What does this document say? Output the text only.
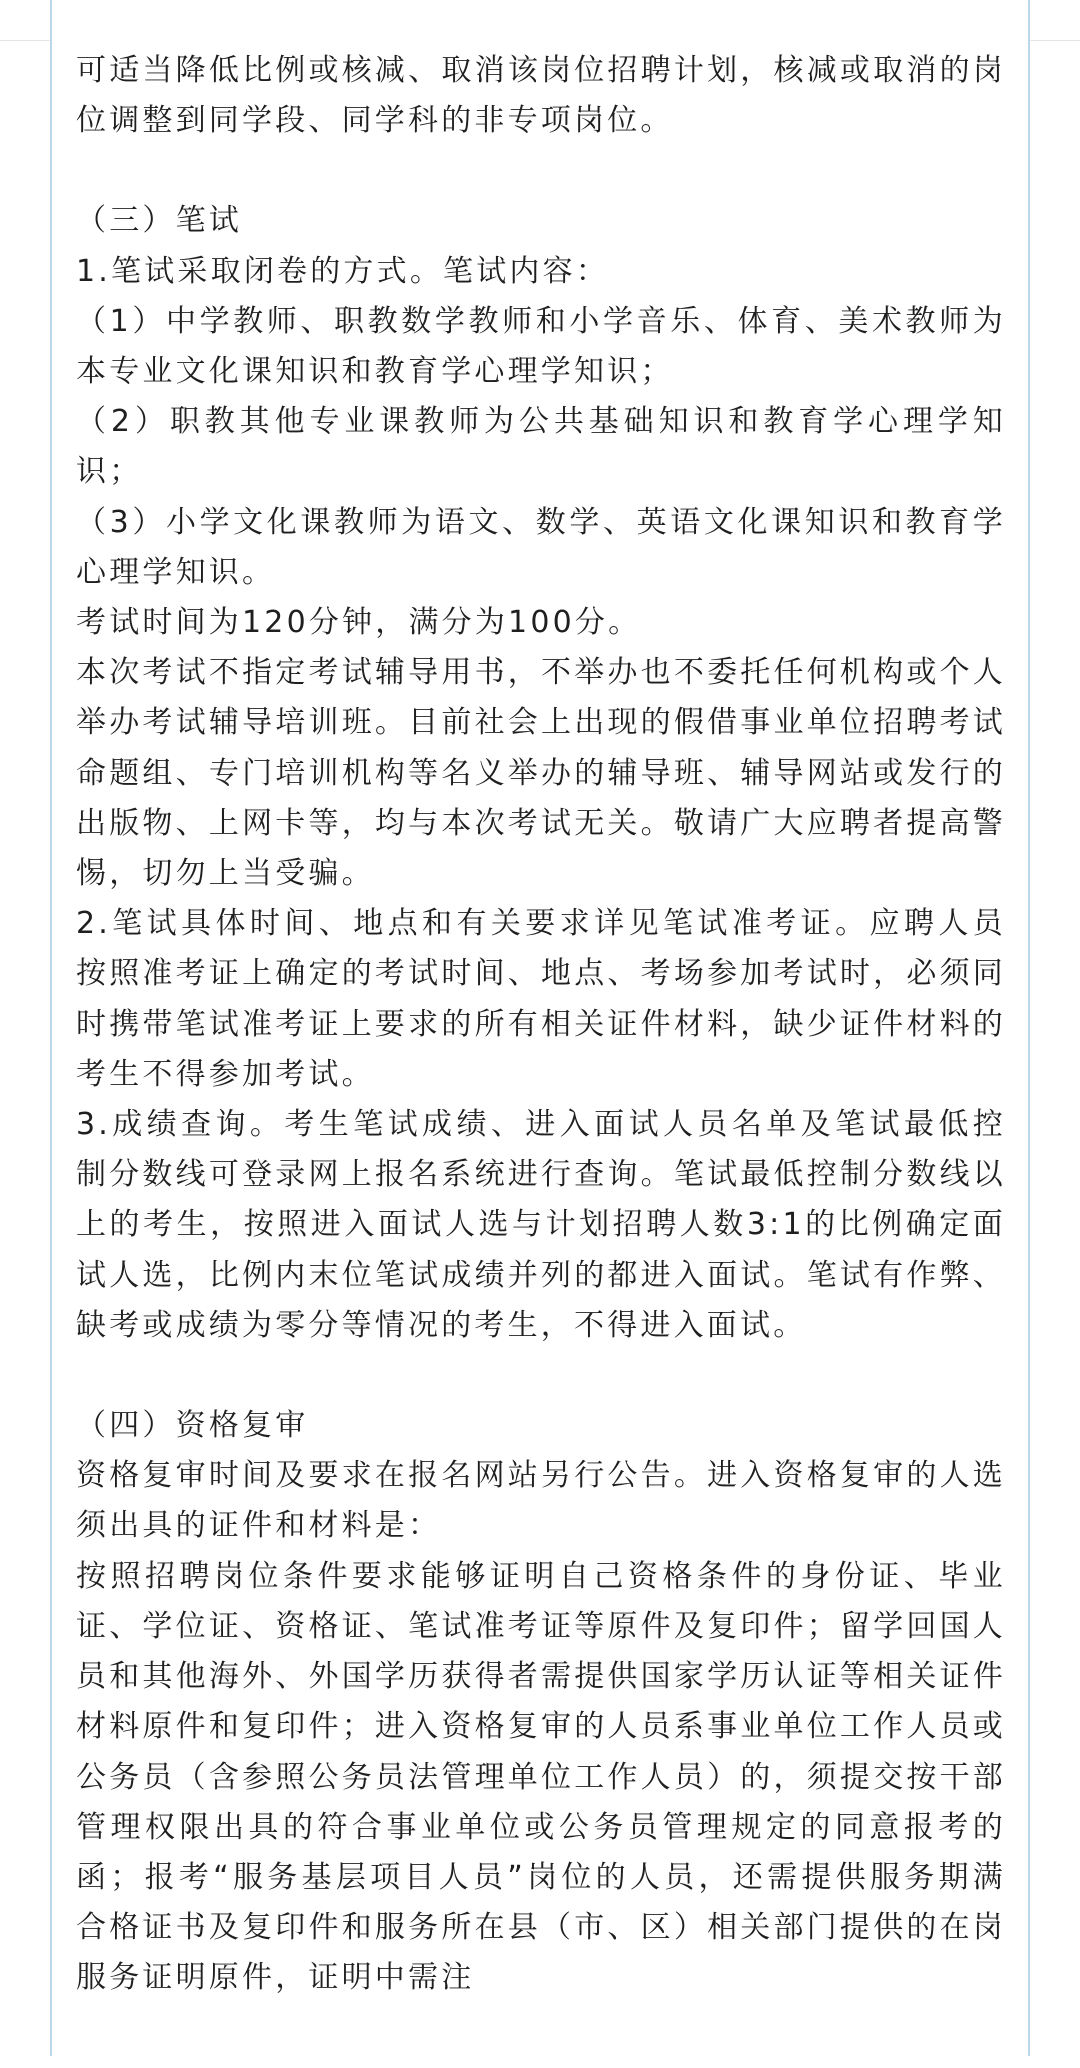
可适当降低比例或核减、取消该岗位招聘计划，核减或取消的岗位调整到同学段、同学科的非专项岗位。

（三）笔试

1.笔试采取闭卷的方式。笔试内容：

（1）中学教师、职教数学教师和小学音乐、体育、美术教师为本专业文化课知识和教育学心理学知识；

（2）职教其他专业课教师为公共基础知识和教育学心理学知识；

（3）小学文化课教师为语文、数学、英语文化课知识和教育学心理学知识。

考试时间为120分钟，满分为100分。

本次考试不指定考试辅导用书，不举办也不委托任何机构或个人举办考试辅导培训班。目前社会上出现的假借事业单位招聘考试命题组、专门培训机构等名义举办的辅导班、辅导网站或发行的出版物、上网卡等，均与本次考试无关。敬请广大应聘者提高警惕，切勿上当受骗。

2.笔试具体时间、地点和有关要求详见笔试准考证。应聘人员按照准考证上确定的考试时间、地点、考场参加考试时，必须同时携带笔试准考证上要求的所有相关证件材料，缺少证件材料的考生不得参加考试。

3.成绩查询。考生笔试成绩、进入面试人员名单及笔试最低控制分数线可登录网上报名系统进行查询。笔试最低控制分数线以上的考生，按照进入面试人选与计划招聘人数3:1的比例确定面试人选，比例内末位笔试成绩并列的都进入面试。笔试有作弊、缺考或成绩为零分等情况的考生，不得进入面试。

（四）资格复审

资格复审时间及要求在报名网站另行公告。进入资格复审的人选须出具的证件和材料是：

按照招聘岗位条件要求能够证明自己资格条件的身份证、毕业证、学位证、资格证、笔试准考证等原件及复印件；留学回国人员和其他海外、外国学历获得者需提供国家学历认证等相关证件材料原件和复印件；进入资格复审的人员系事业单位工作人员或公务员（含参照公务员法管理单位工作人员）的，须提交按干部管理权限出具的符合事业单位或公务员管理规定的同意报考的函；报考“服务基层项目人员”岗位的人员，还需提供服务期满合格证书及复印件和服务所在县（市、区）相关部门提供的在岗服务证明原件，证明中需注
